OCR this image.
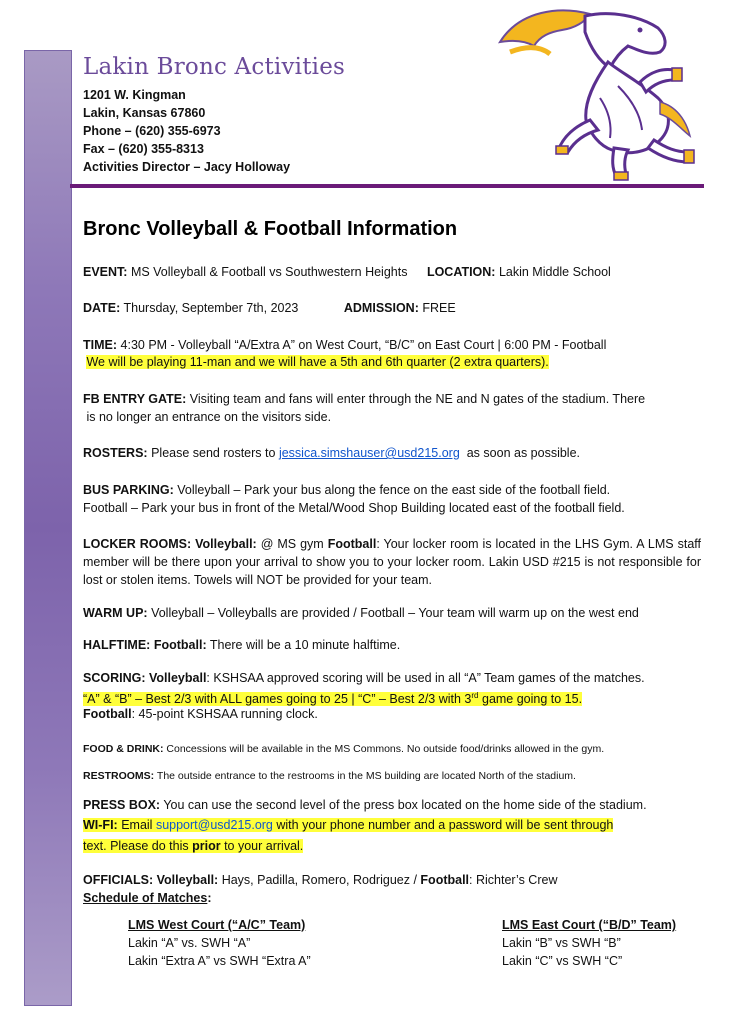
Lakin Bronc Activities
1201 W. Kingman
Lakin, Kansas 67860
Phone – (620) 355-6973
Fax – (620) 355-8313
Activities Director – Jacy Holloway
Bronc Volleyball & Football Information
EVENT: MS Volleyball & Football vs Southwestern Heights LOCATION: Lakin Middle School
DATE: Thursday, September 7th, 2023	ADMISSION: FREE
TIME: 4:30 PM - Volleyball “A/Extra A” on West Court, “B/C” on East Court | 6:00 PM - Football
We will be playing 11-man and we will have a 5th and 6th quarter (2 extra quarters).
FB ENTRY GATE: Visiting team and fans will enter through the NE and N gates of the stadium. There
is no longer an entrance on the visitors side.
ROSTERS: Please send rosters to jessica.simshauser@usd215.org as soon as possible.
BUS PARKING: Volleyball – Park your bus along the fence on the east side of the football field.
Football – Park your bus in front of the Metal/Wood Shop Building located east of the football field.
LOCKER ROOMS: Volleyball: @ MS gym Football: Your locker room is located in the LHS Gym. A LMS staff member will be there upon your arrival to show you to your locker room. Lakin USD #215 is not responsible for lost or stolen items. Towels will NOT be provided for your team.
WARM UP: Volleyball – Volleyballs are provided / Football – Your team will warm up on the west end
HALFTIME: Football: There will be a 10 minute halftime.
SCORING: Volleyball: KSHSAA approved scoring will be used in all “A” Team games of the matches.
“A” & “B” – Best 2/3 with ALL games going to 25 | “C” – Best 2/3 with 3rd game going to 15.
Football: 45-point KSHSAA running clock.
FOOD & DRINK: Concessions will be available in the MS Commons. No outside food/drinks allowed in the gym.
RESTROOMS: The outside entrance to the restrooms in the MS building are located North of the stadium.
PRESS BOX: You can use the second level of the press box located on the home side of the stadium.
WI-FI: Email support@usd215.org with your phone number and a password will be sent through
text. Please do this prior to your arrival.
OFFICIALS: Volleyball: Hays, Padilla, Romero, Rodriguez / Football: Richter’s Crew
Schedule of Matches:
LMS West Court (“A/C” Team)
Lakin “A” vs. SWH “A”
Lakin “Extra A” vs SWH “Extra A”
LMS East Court (“B/D” Team)
Lakin “B” vs SWH “B”
Lakin “C” vs SWH “C”
